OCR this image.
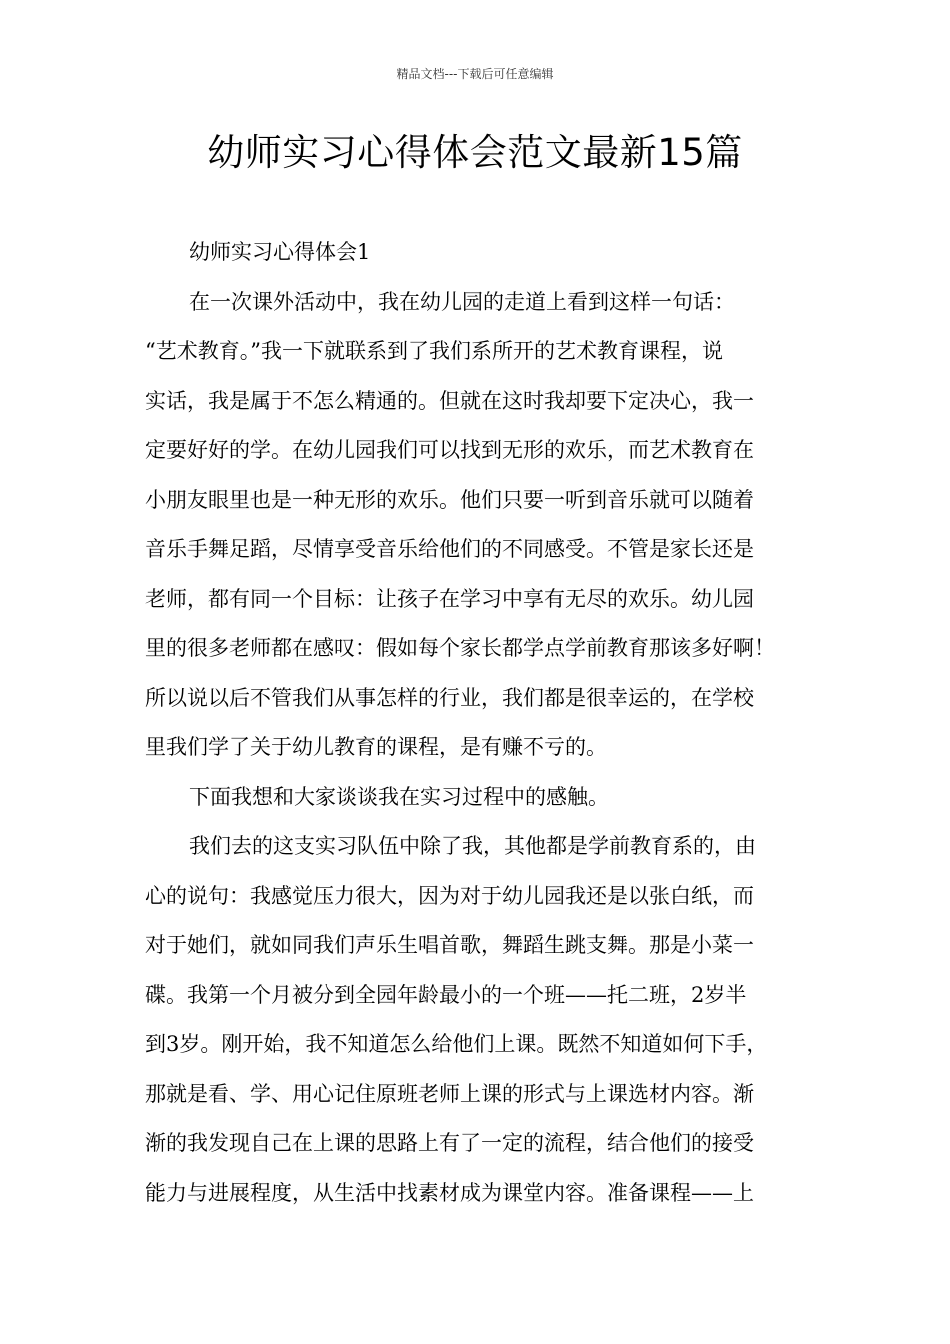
精品文档---下载后可任意编辑
幼师实习心得体会范文最新15篇
幼师实习心得体会1
在一次课外活动中，我在幼儿园的走道上看到这样一句话：
“艺术教育。”我一下就联系到了我们系所开的艺术教育课程，说
实话，我是属于不怎么精通的。但就在这时我却要下定决心，我一
定要好好的学。在幼儿园我们可以找到无形的欢乐，而艺术教育在
小朋友眼里也是一种无形的欢乐。他们只要一听到音乐就可以随着
音乐手舞足蹈，尽情享受音乐给他们的不同感受。不管是家长还是
老师，都有同一个目标：让孩子在学习中享有无尽的欢乐。幼儿园
里的很多老师都在感叹：假如每个家长都学点学前教育那该多好啊！
所以说以后不管我们从事怎样的行业，我们都是很幸运的，在学校
里我们学了关于幼儿教育的课程，是有赚不亏的。
下面我想和大家谈谈我在实习过程中的感触。
我们去的这支实习队伍中除了我，其他都是学前教育系的，由
心的说句：我感觉压力很大，因为对于幼儿园我还是以张白纸，而
对于她们，就如同我们声乐生唱首歌，舞蹈生跳支舞。那是小菜一
碟。我第一个月被分到全园年龄最小的一个班——托二班，2岁半
到3岁。刚开始，我不知道怎么给他们上课。既然不知道如何下手，
那就是看、学、用心记住原班老师上课的形式与上课选材内容。渐
渐的我发现自己在上课的思路上有了一定的流程，结合他们的接受
能力与进展程度，从生活中找素材成为课堂内容。准备课程——上
